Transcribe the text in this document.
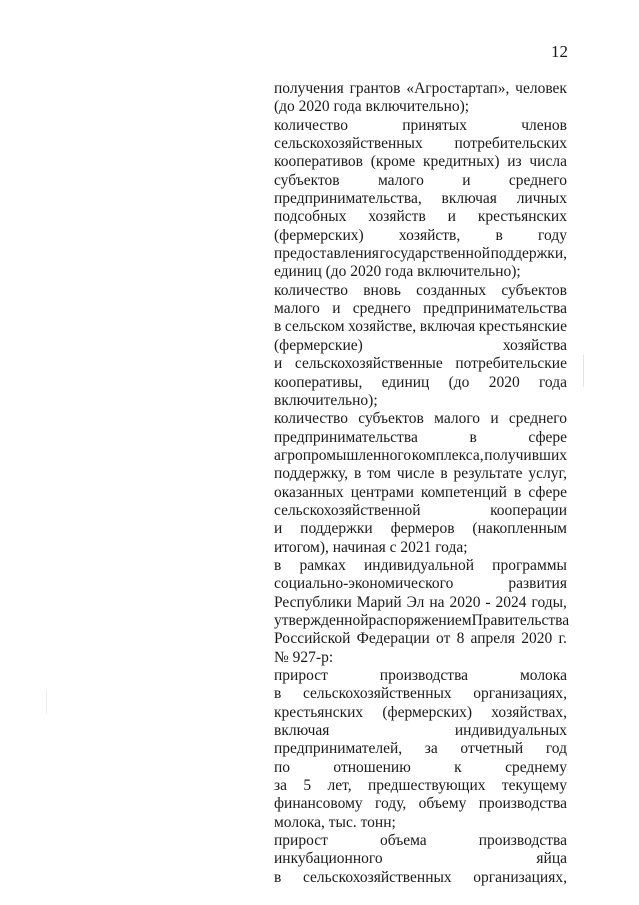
12
получения грантов «Агростартап», человек
(до 2020 года включительно);
количество	принятых	членов
сельскохозяйственных потребительских
кооперативов (кроме кредитных) из числа
субъектов малого и среднего
предпринимательства, включая личных
подсобных хозяйств и крестьянских
(фермерских) хозяйств, в году
предоставления государственной поддержки,
единиц (до 2020 года включительно);
количество вновь созданных субъектов
малого и среднего предпринимательства
в сельском хозяйстве, включая крестьянские
(фермерские)	хозяйства
и сельскохозяйственные потребительские
кооперативы, единиц (до 2020 года
включительно);
количество субъектов малого и среднего
предпринимательства	в	сфере
агропромышленного комплекса, получивших
поддержку, в том числе в результате услуг,
оказанных центрами компетенций в сфере
сельскохозяйственной	кооперации
и поддержки фермеров (накопленным
итогом), начиная с 2021 года;
в рамках индивидуальной программы
социально-экономического	развития
Республики Марий Эл на 2020 - 2024 годы,
утвержденной распоряжением Правительства
Российской Федерации от 8 апреля 2020 г.
№ 927-р:
прирост	производства	молока
в сельскохозяйственных организациях,
крестьянских (фермерских) хозяйствах,
включая	индивидуальных
предпринимателей, за отчетный год
по	отношению	к	среднему
за 5 лет, предшествующих текущему
финансовому году, объему производства
молока, тыс. тонн;
прирост	объема	производства
инкубационного	яйца
в сельскохозяйственных организациях,
